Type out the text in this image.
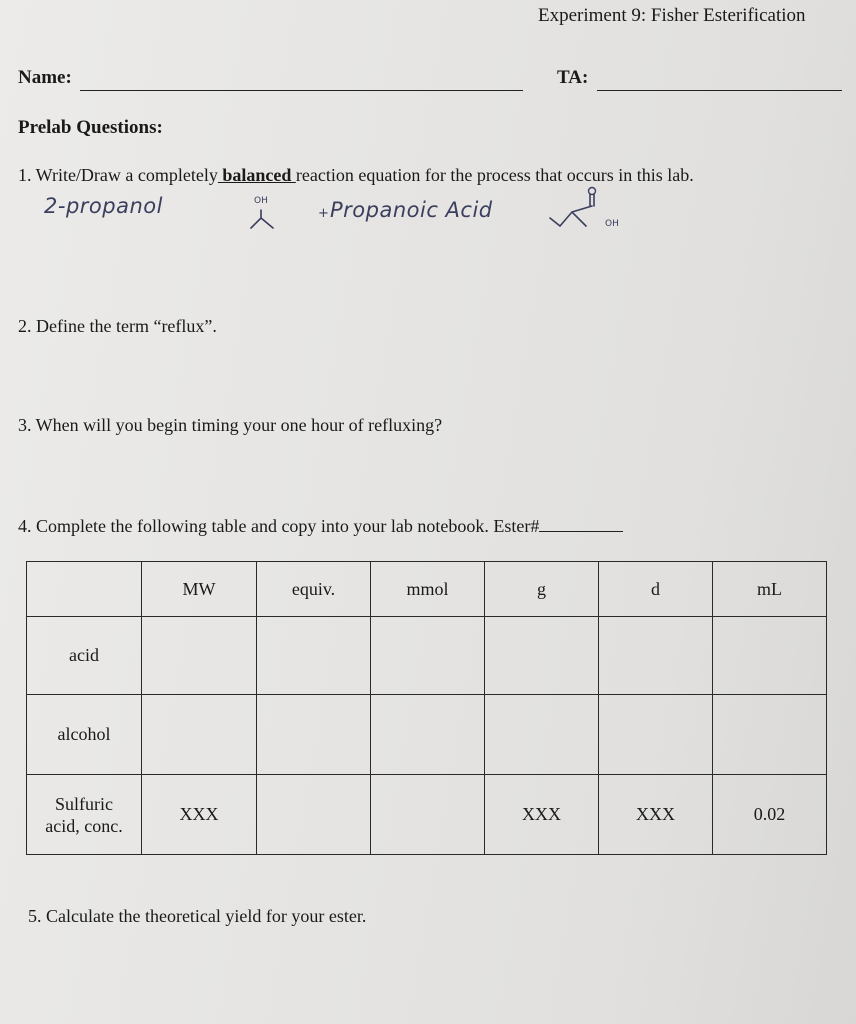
Experiment 9: Fisher Esterification
Name:	TA:
Prelab Questions:
1. Write/Draw a completely balanced reaction equation for the process that occurs in this lab.
2-propanol	OH
+ Propanoic Acid
OH
2. Define the term “reflux”.
3. When will you begin timing your one hour of refluxing?
4. Complete the following table and copy into your lab notebook. Ester#
	MW	equiv.	mmol	g	d	mL
acid						
alcohol						
Sulfuric
acid, conc.	XXX			XXX	XXX	0.02
5. Calculate the theoretical yield for your ester.
